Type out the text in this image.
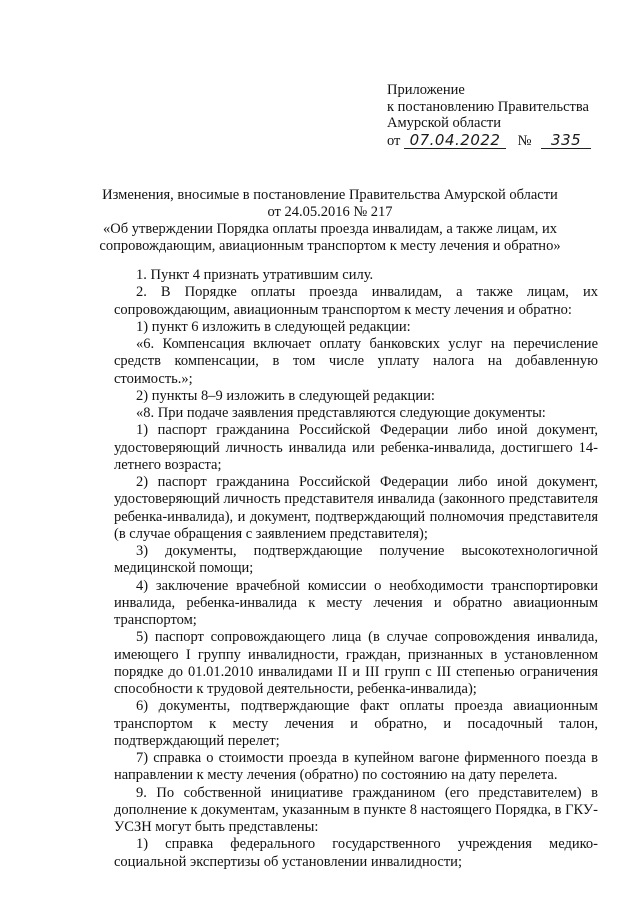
Приложение
к постановлению Правительства
Амурской области
от 07.04.2022 № 335
Изменения, вносимые в постановление Правительства Амурской области
от 24.05.2016 № 217
«Об утверждении Порядка оплаты проезда инвалидам, а также лицам, их
сопровождающим, авиационным транспортом к месту лечения и обратно»

1. Пункт 4 признать утратившим силу.

2. В Порядке оплаты проезда инвалидам, а также лицам, их сопровождающим, авиационным транспортом к месту лечения и обратно:

1) пункт 6 изложить в следующей редакции:

«6. Компенсация включает оплату банковских услуг на перечисление средств компенсации, в том числе уплату налога на добавленную стоимость.»;

2) пункты 8–9 изложить в следующей редакции:

«8. При подаче заявления представляются следующие документы:

1) паспорт гражданина Российской Федерации либо иной документ, удостоверяющий личность инвалида или ребенка-инвалида, достигшего 14-летнего возраста;

2) паспорт гражданина Российской Федерации либо иной документ, удостоверяющий личность представителя инвалида (законного представителя ребенка-инвалида), и документ, подтверждающий полномочия представителя (в случае обращения с заявлением представителя);

3) документы, подтверждающие получение высокотехнологичной медицинской помощи;

4) заключение врачебной комиссии о необходимости транспортировки инвалида, ребенка-инвалида к месту лечения и обратно авиационным транспортом;

5) паспорт сопровождающего лица (в случае сопровождения инвалида, имеющего I группу инвалидности, граждан, признанных в установленном порядке до 01.01.2010 инвалидами II и III групп с III степенью ограничения способности к трудовой деятельности, ребенка-инвалида);

6) документы, подтверждающие факт оплаты проезда авиационным транспортом к месту лечения и обратно, и посадочный талон, подтверждающий перелет;

7) справка о стоимости проезда в купейном вагоне фирменного поезда в направлении к месту лечения (обратно) по состоянию на дату перелета.

9. По собственной инициативе гражданином (его представителем) в дополнение к документам, указанным в пункте 8 настоящего Порядка, в ГКУ-УСЗН могут быть представлены:

1) справка федерального государственного учреждения медико-социальной экспертизы об установлении инвалидности;
